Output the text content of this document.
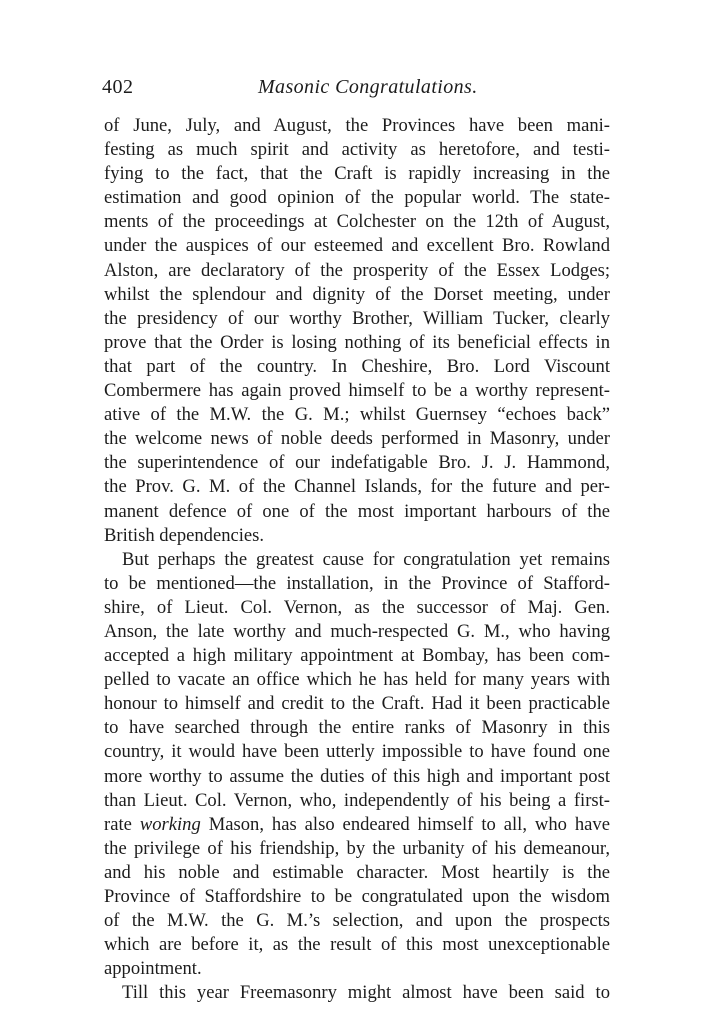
402	Masonic Congratulations.
of June, July, and August, the Provinces have been mani-
festing as much spirit and activity as heretofore, and testi-
fying to the fact, that the Craft is rapidly increasing in the
estimation and good opinion of the popular world. The state-
ments of the proceedings at Colchester on the 12th of August,
under the auspices of our esteemed and excellent Bro. Rowland
Alston, are declaratory of the prosperity of the Essex Lodges;
whilst the splendour and dignity of the Dorset meeting, under
the presidency of our worthy Brother, William Tucker, clearly
prove that the Order is losing nothing of its beneficial effects in
that part of the country. In Cheshire, Bro. Lord Viscount
Combermere has again proved himself to be a worthy represent-
ative of the M.W. the G. M.; whilst Guernsey “echoes back”
the welcome news of noble deeds performed in Masonry, under
the superintendence of our indefatigable Bro. J. J. Hammond,
the Prov. G. M. of the Channel Islands, for the future and per-
manent defence of one of the most important harbours of the
British dependencies.
But perhaps the greatest cause for congratulation yet remains
to be mentioned—the installation, in the Province of Stafford-
shire, of Lieut. Col. Vernon, as the successor of Maj. Gen.
Anson, the late worthy and much-respected G. M., who having
accepted a high military appointment at Bombay, has been com-
pelled to vacate an office which he has held for many years with
honour to himself and credit to the Craft. Had it been practicable
to have searched through the entire ranks of Masonry in this
country, it would have been utterly impossible to have found one
more worthy to assume the duties of this high and important post
than Lieut. Col. Vernon, who, independently of his being a first-
rate working Mason, has also endeared himself to all, who have
the privilege of his friendship, by the urbanity of his demeanour,
and his noble and estimable character. Most heartily is the
Province of Staffordshire to be congratulated upon the wisdom
of the M.W. the G. M.’s selection, and upon the prospects
which are before it, as the result of this most unexceptionable
appointment.
Till this year Freemasonry might almost have been said to
